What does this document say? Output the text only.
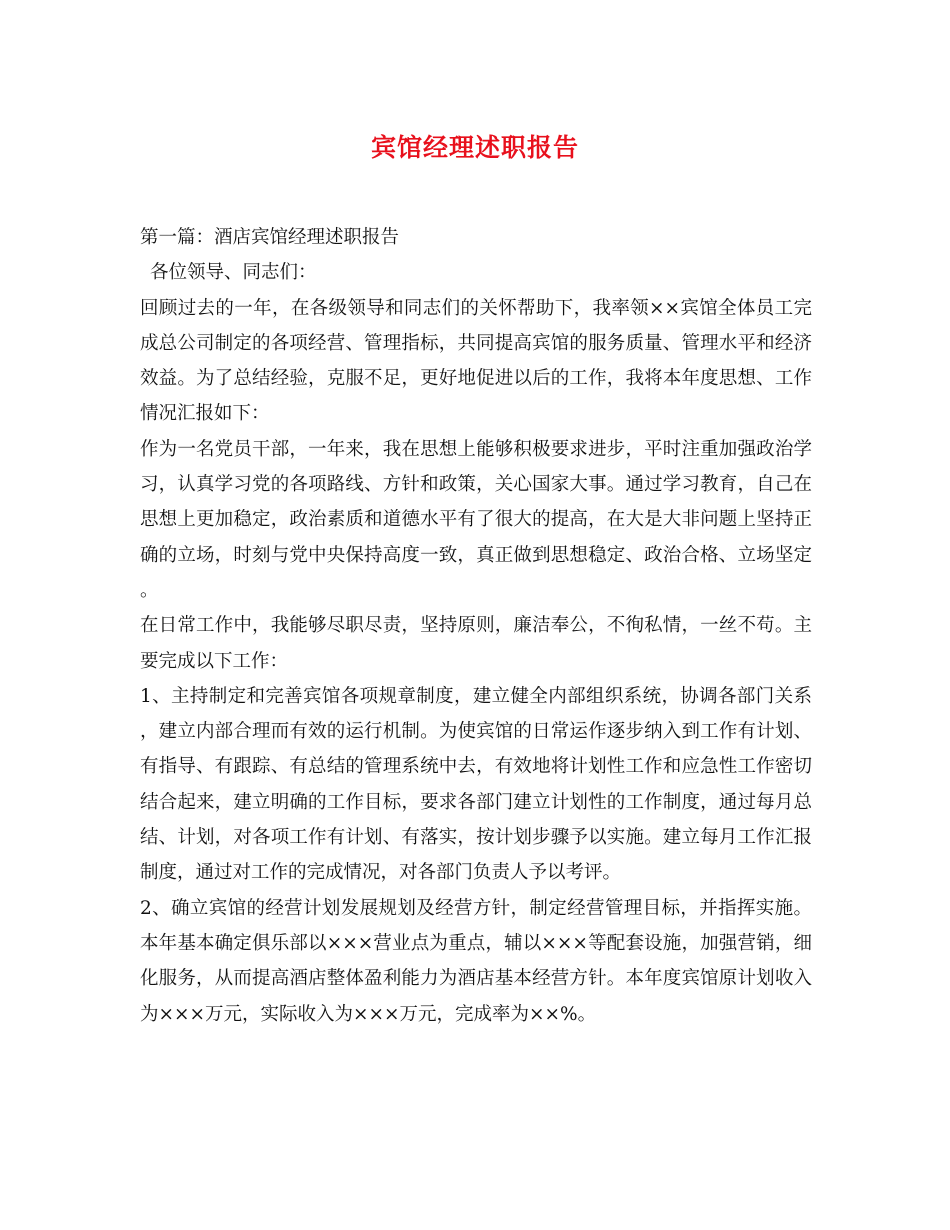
宾馆经理述职报告

第一篇：酒店宾馆经理述职报告

各位领导、同志们：

回顾过去的一年，在各级领导和同志们的关怀帮助下，我率领××宾馆全体员工完成总公司制定的各项经营、管理指标，共同提高宾馆的服务质量、管理水平和经济效益。为了总结经验，克服不足，更好地促进以后的工作，我将本年度思想、工作情况汇报如下：

作为一名党员干部，一年来，我在思想上能够积极要求进步，平时注重加强政治学习，认真学习党的各项路线、方针和政策，关心国家大事。通过学习教育，自己在思想上更加稳定，政治素质和道德水平有了很大的提高，在大是大非问题上坚持正确的立场，时刻与党中央保持高度一致，真正做到思想稳定、政治合格、立场坚定。

在日常工作中，我能够尽职尽责，坚持原则，廉洁奉公，不徇私情，一丝不苟。主要完成以下工作：

1、主持制定和完善宾馆各项规章制度，建立健全内部组织系统，协调各部门关系，建立内部合理而有效的运行机制。为使宾馆的日常运作逐步纳入到工作有计划、有指导、有跟踪、有总结的管理系统中去，有效地将计划性工作和应急性工作密切结合起来，建立明确的工作目标，要求各部门建立计划性的工作制度，通过每月总结、计划，对各项工作有计划、有落实，按计划步骤予以实施。建立每月工作汇报制度，通过对工作的完成情况，对各部门负责人予以考评。

2、确立宾馆的经营计划发展规划及经营方针，制定经营管理目标，并指挥实施。本年基本确定俱乐部以×××营业点为重点，辅以×××等配套设施，加强营销，细化服务，从而提高酒店整体盈利能力为酒店基本经营方针。本年度宾馆原计划收入为×××万元，实际收入为×××万元，完成率为××%。
